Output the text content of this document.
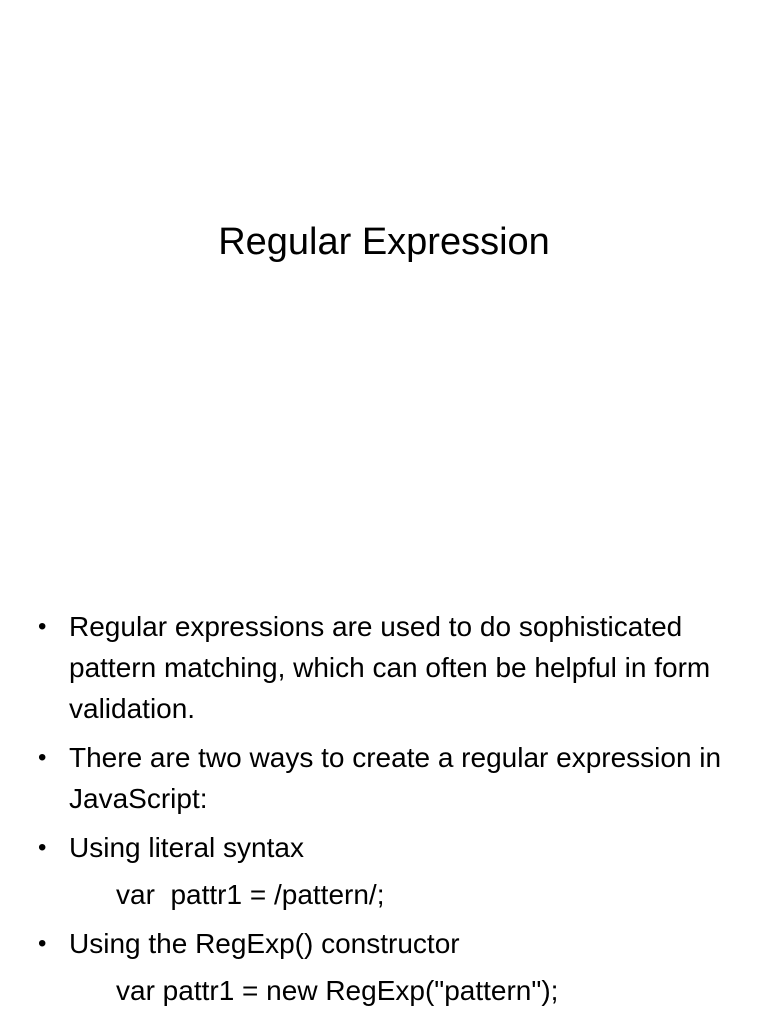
Regular Expression
• Regular expressions are used to do sophisticated pattern matching, which can often be helpful in form validation.
• There are two ways to create a regular expression in JavaScript:
• Using literal syntax
var  pattr1 = /pattern/;
• Using the RegExp() constructor
var pattr1 = new RegExp("pattern");
